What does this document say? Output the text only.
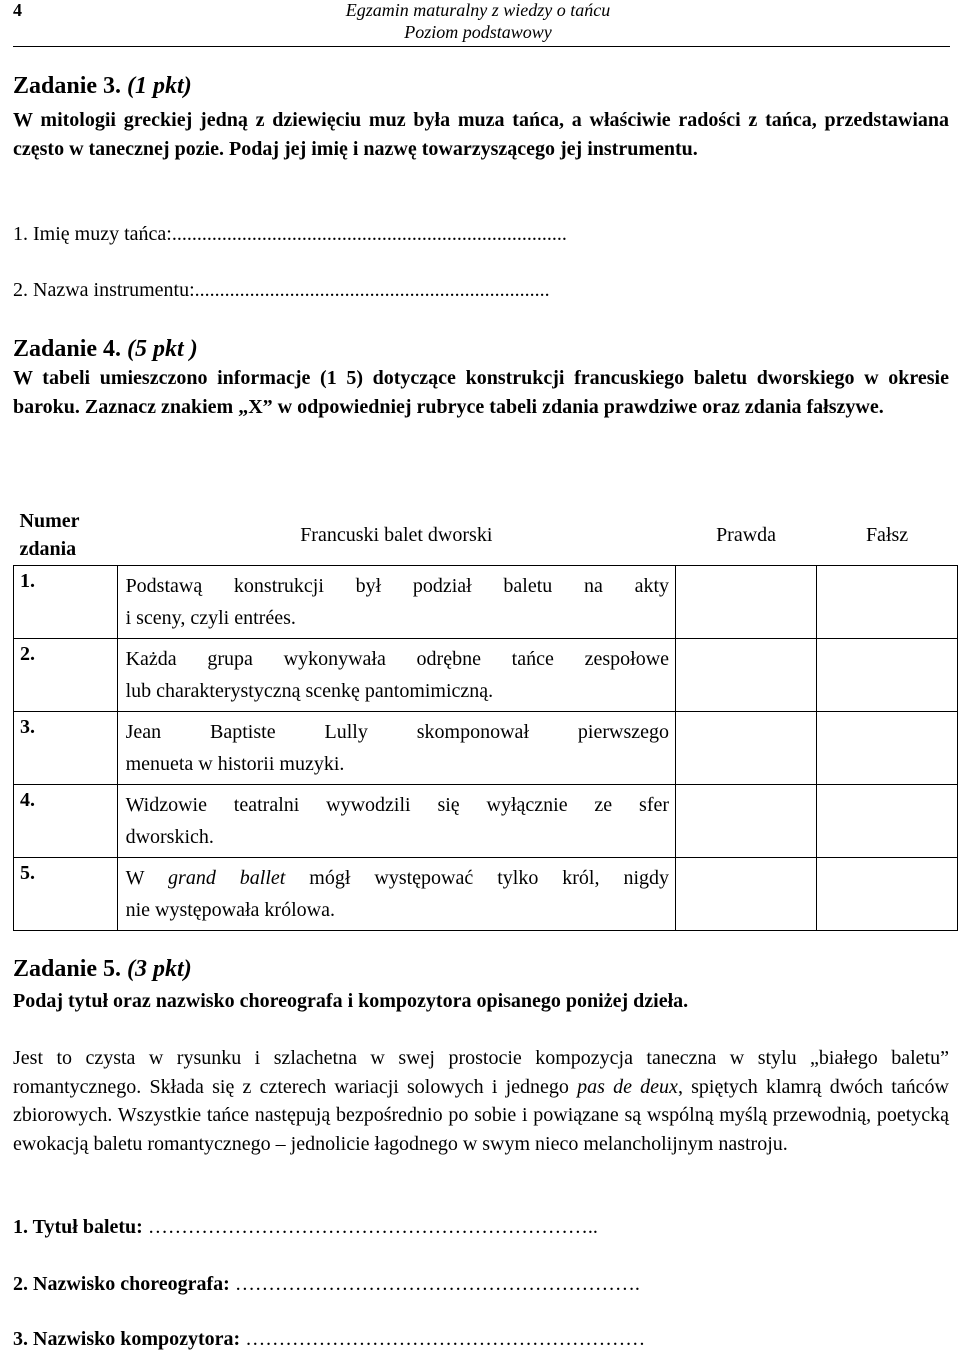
4	Egzamin maturalny z wiedzy o tańcu
Poziom podstawowy
Zadanie 3. (1 pkt)
W mitologii greckiej jedną z dziewięciu muz była muza tańca, a właściwie radości z tańca, przedstawiana często w tanecznej pozie. Podaj jej imię i nazwę towarzyszącego jej instrumentu.
1. Imię muzy tańca:...............................................................................
2. Nazwa instrumentu:.......................................................................
Zadanie 4. (5 pkt )
W tabeli umieszczono informacje (1 5) dotyczące konstrukcji francuskiego baletu dworskiego w okresie baroku. Zaznacz znakiem „X” w odpowiedniej rubryce tabeli zdania prawdziwe oraz zdania fałszywe.
Numer
zdania	Francuski balet dworski	Prawda	Fałsz
1.	Podstawą konstrukcji był podział baletu na akty
i sceny, czyli entrées.		
2.	Każda grupa wykonywała odrębne tańce zespołowe
lub charakterystyczną scenkę pantomimiczną.		
3.	Jean Baptiste Lully skomponował pierwszego
menueta w historii muzyki.		
4.	Widzowie teatralni wywodzili się wyłącznie ze sfer
dworskich.		
5.	W grand ballet mógł występować tylko król, nigdy
nie występowała królowa.		
Zadanie 5. (3 pkt)
Podaj tytuł oraz nazwisko choreografa i kompozytora opisanego poniżej dzieła.
Jest to czysta w rysunku i szlachetna w swej prostocie kompozycja taneczna w stylu „białego baletu” romantycznego. Składa się z czterech wariacji solowych i jednego pas de deux, spiętych klamrą dwóch tańców zbiorowych. Wszystkie tańce następują bezpośrednio po sobie i powiązane są wspólną myślą przewodnią, poetycką ewokacją baletu romantycznego – jednolicie łagodnego w swym nieco melancholijnym nastroju.
1. Tytuł baletu: …………………………………………………………..
2. Nazwisko choreografa: …………………………………………………….
3. Nazwisko kompozytora: ……………………………………………………
